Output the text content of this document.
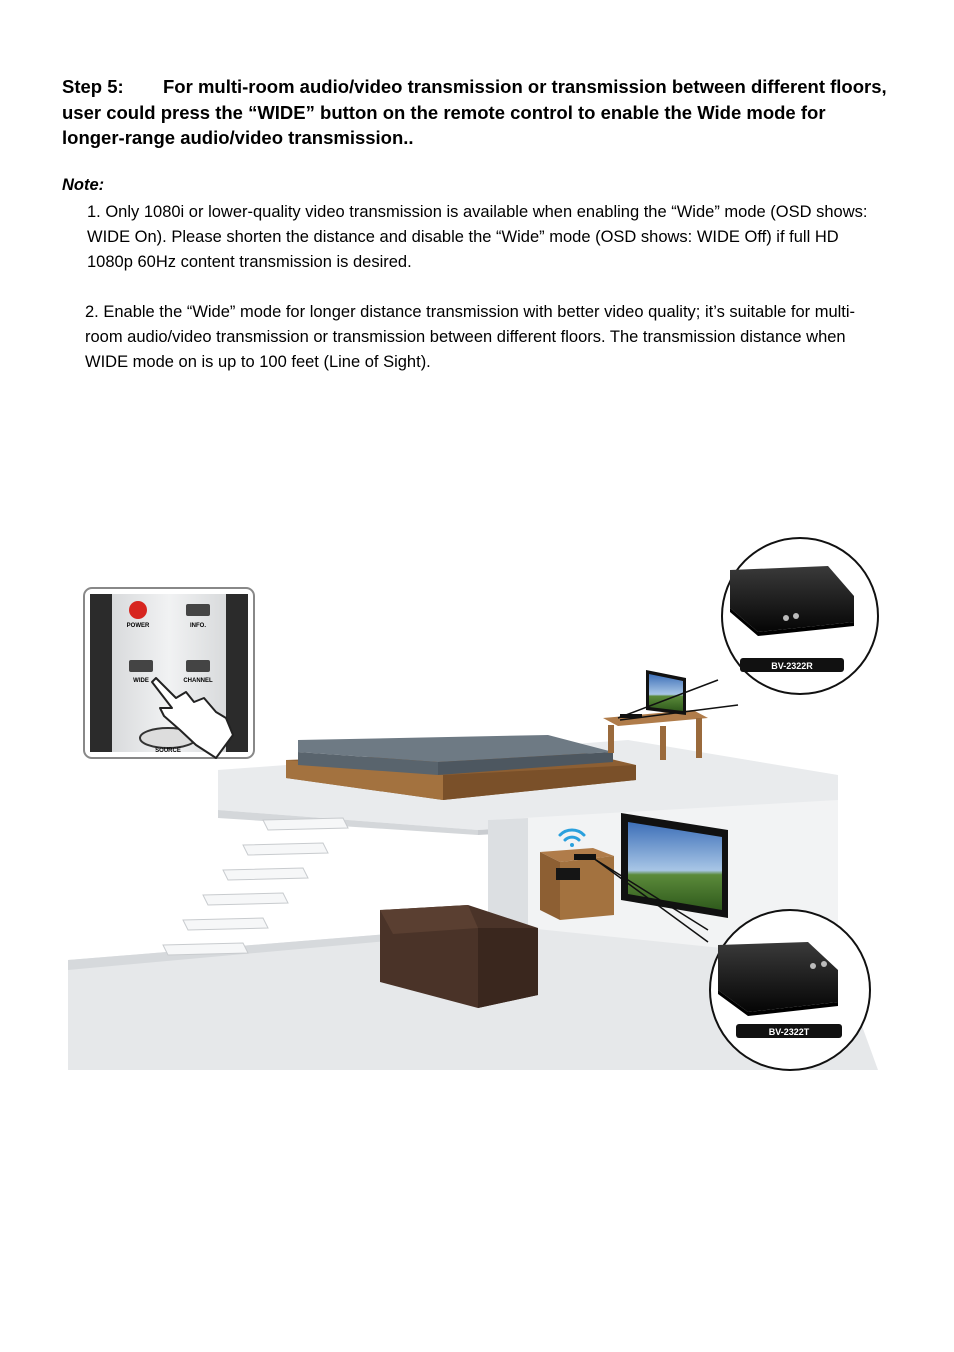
Step 5: For multi-room audio/video transmission or transmission between different floors, user could press the “WIDE” button on the remote control to enable the Wide mode for longer-range audio/video transmission..

Note:

1. Only 1080i or lower-quality video transmission is available when enabling the “Wide” mode (OSD shows: WIDE On). Please shorten the distance and disable the “Wide” mode (OSD shows: WIDE Off) if full HD 1080p 60Hz content transmission is desired.

2. Enable the “Wide” mode for longer distance transmission with better video quality; it’s suitable for multi-room audio/video transmission or transmission between different floors. The transmission distance when WIDE mode on is up to 100 feet (Line of Sight).

POWER	INFO.
WIDE	CHANNEL
SOURCE
BV-2322R
BV-2322T
